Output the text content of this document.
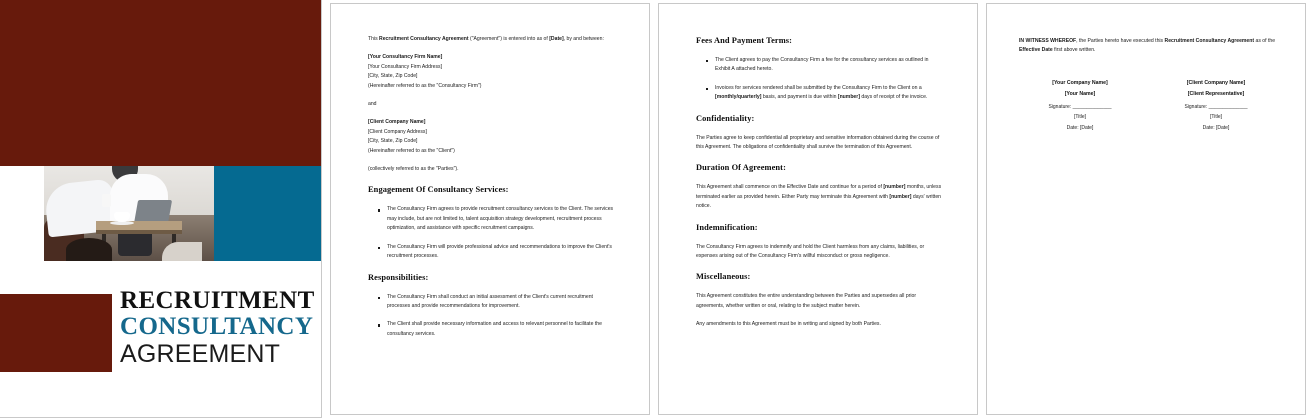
RECRUITMENT
CONSULTANCY
AGREEMENT

This Recruitment Consultancy Agreement ("Agreement") is entered into as of [Date], by and between:

[Your Consultancy Firm Name]

[Your Consultancy Firm Address]

[City, State, Zip Code]

(Hereinafter referred to as the "Consultancy Firm")

and

[Client Company Name]

[Client Company Address]

[City, State, Zip Code]

(Hereinafter referred to as the "Client")

(collectively referred to as the "Parties").

Engagement Of Consultancy Services:
The Consultancy Firm agrees to provide recruitment consultancy services to the Client. The services may include, but are not limited to, talent acquisition strategy development, recruitment process optimization, and assistance with specific recruitment campaigns.
The Consultancy Firm will provide professional advice and recommendations to improve the Client's recruitment processes.
Responsibilities:
The Consultancy Firm shall conduct an initial assessment of the Client's current recruitment processes and provide recommendations for improvement.
The Client shall provide necessary information and access to relevant personnel to facilitate the consultancy services.
Fees And Payment Terms:
The Client agrees to pay the Consultancy Firm a fee for the consultancy services as outlined in Exhibit A attached hereto.
Invoices for services rendered shall be submitted by the Consultancy Firm to the Client on a [monthly/quarterly] basis, and payment is due within [number] days of receipt of the invoice.
Confidentiality:

The Parties agree to keep confidential all proprietary and sensitive information obtained during the course of this Agreement. The obligations of confidentiality shall survive the termination of this Agreement.

Duration Of Agreement:

This Agreement shall commence on the Effective Date and continue for a period of [number] months, unless terminated earlier as provided herein. Either Party may terminate this Agreement with [number] days' written notice.

Indemnification:

The Consultancy Firm agrees to indemnify and hold the Client harmless from any claims, liabilities, or expenses arising out of the Consultancy Firm's willful misconduct or gross negligence.

Miscellaneous:

This Agreement constitutes the entire understanding between the Parties and supersedes all prior agreements, whether written or oral, relating to the subject matter herein.

Any amendments to this Agreement must be in writing and signed by both Parties.

IN WITNESS WHEREOF, the Parties hereto have executed this Recruitment Consultancy Agreement as of the Effective Date first above written.

[Your Company Name]

[Your Name]

Signature: ______________

[Title]

Date: [Date]

[Client Company Name]

[Client Representative]

Signature: ______________

[Title]

Date: [Date]
